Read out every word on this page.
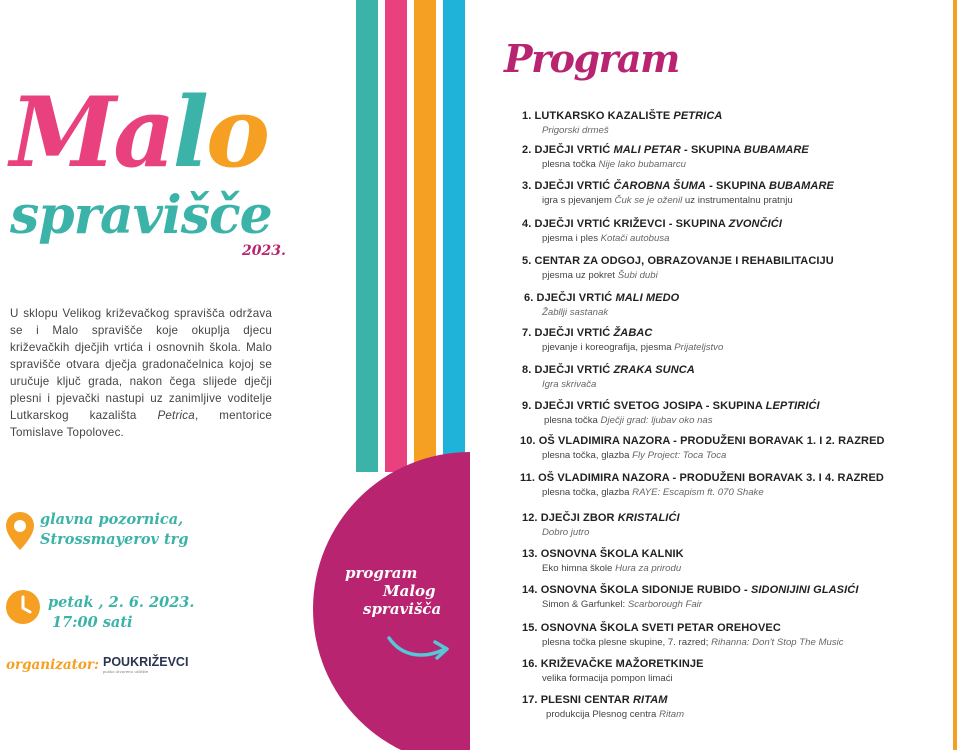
Malo
spravišče
2023.

U sklopu Velikog križevačkog spravišča održava se i Malo spravišče koje okuplja djecu križevačkih dječjih vrtića i osnovnih škola. Malo spravišče otvara dječja gradonačelnica kojoj se uručuje ključ grada, nakon čega slijede dječji plesni i pjevački nastupi uz zanimljive voditelje Lutkarskog kazališta Petrica, mentorice Tomislave Topolovec.

glavna pozornica,
Strossmayerov trg
petak , 2. 6. 2023.
17:00 sati
organizator: POUKRIŽEVCI
pučko otvoreno učilište
program
Malog
spravišča
Program
1. LUTKARSKO KAZALIŠTE PETRICA
Prigorski drmeš
2. DJEČJI VRTIĆ MALI PETAR - SKUPINA BUBAMARE
plesna točka Nije lako bubamarcu
3. DJEČJI VRTIĆ ČAROBNA ŠUMA - SKUPINA BUBAMARE
igra s pjevanjem Čuk se je oženil uz instrumentalnu pratnju
4. DJEČJI VRTIĆ KRIŽEVCI - SKUPINA ZVONČIĆI
pjesma i ples Kotači autobusa
5. CENTAR ZA ODGOJ, OBRAZOVANJE I REHABILITACIJU
pjesma uz pokret Šubi dubi
6. DJEČJI VRTIĆ MALI MEDO
Žabllji sastanak
7. DJEČJI VRTIĆ ŽABAC
pjevanje i koreografija, pjesma Prijateljstvo
8. DJEČJI VRTIĆ ZRAKA SUNCA
Igra skrivača
9. DJEČJI VRTIĆ SVETOG JOSIPA - SKUPINA LEPTIRIĆI
plesna točka Dječji grad: ljubav oko nas
10. OŠ VLADIMIRA NAZORA - PRODUŽENI BORAVAK 1. I 2. RAZRED
plesna točka, glazba Fly Project: Toca Toca
11. OŠ VLADIMIRA NAZORA - PRODUŽENI BORAVAK 3. I 4. RAZRED
plesna točka, glazba RAYE: Escapism ft. 070 Shake
12. DJEČJI ZBOR KRISTALIĆI
Dobro jutro
13. OSNOVNA ŠKOLA KALNIK
Eko himna škole Hura za prirodu
14. OSNOVNA ŠKOLA SIDONIJE RUBIDO - SIDONIJINI GLASIĆI
Simon & Garfunkel: Scarborough Fair
15. OSNOVNA ŠKOLA SVETI PETAR OREHOVEC
plesna točka plesne skupine, 7. razred; Rihanna: Don't Stop The Music
16. KRIŽEVAČKE MAŽORETKINJE
velika formacija pompon limaći
17. PLESNI CENTAR RITAM
produkcija Plesnog centra Ritam
